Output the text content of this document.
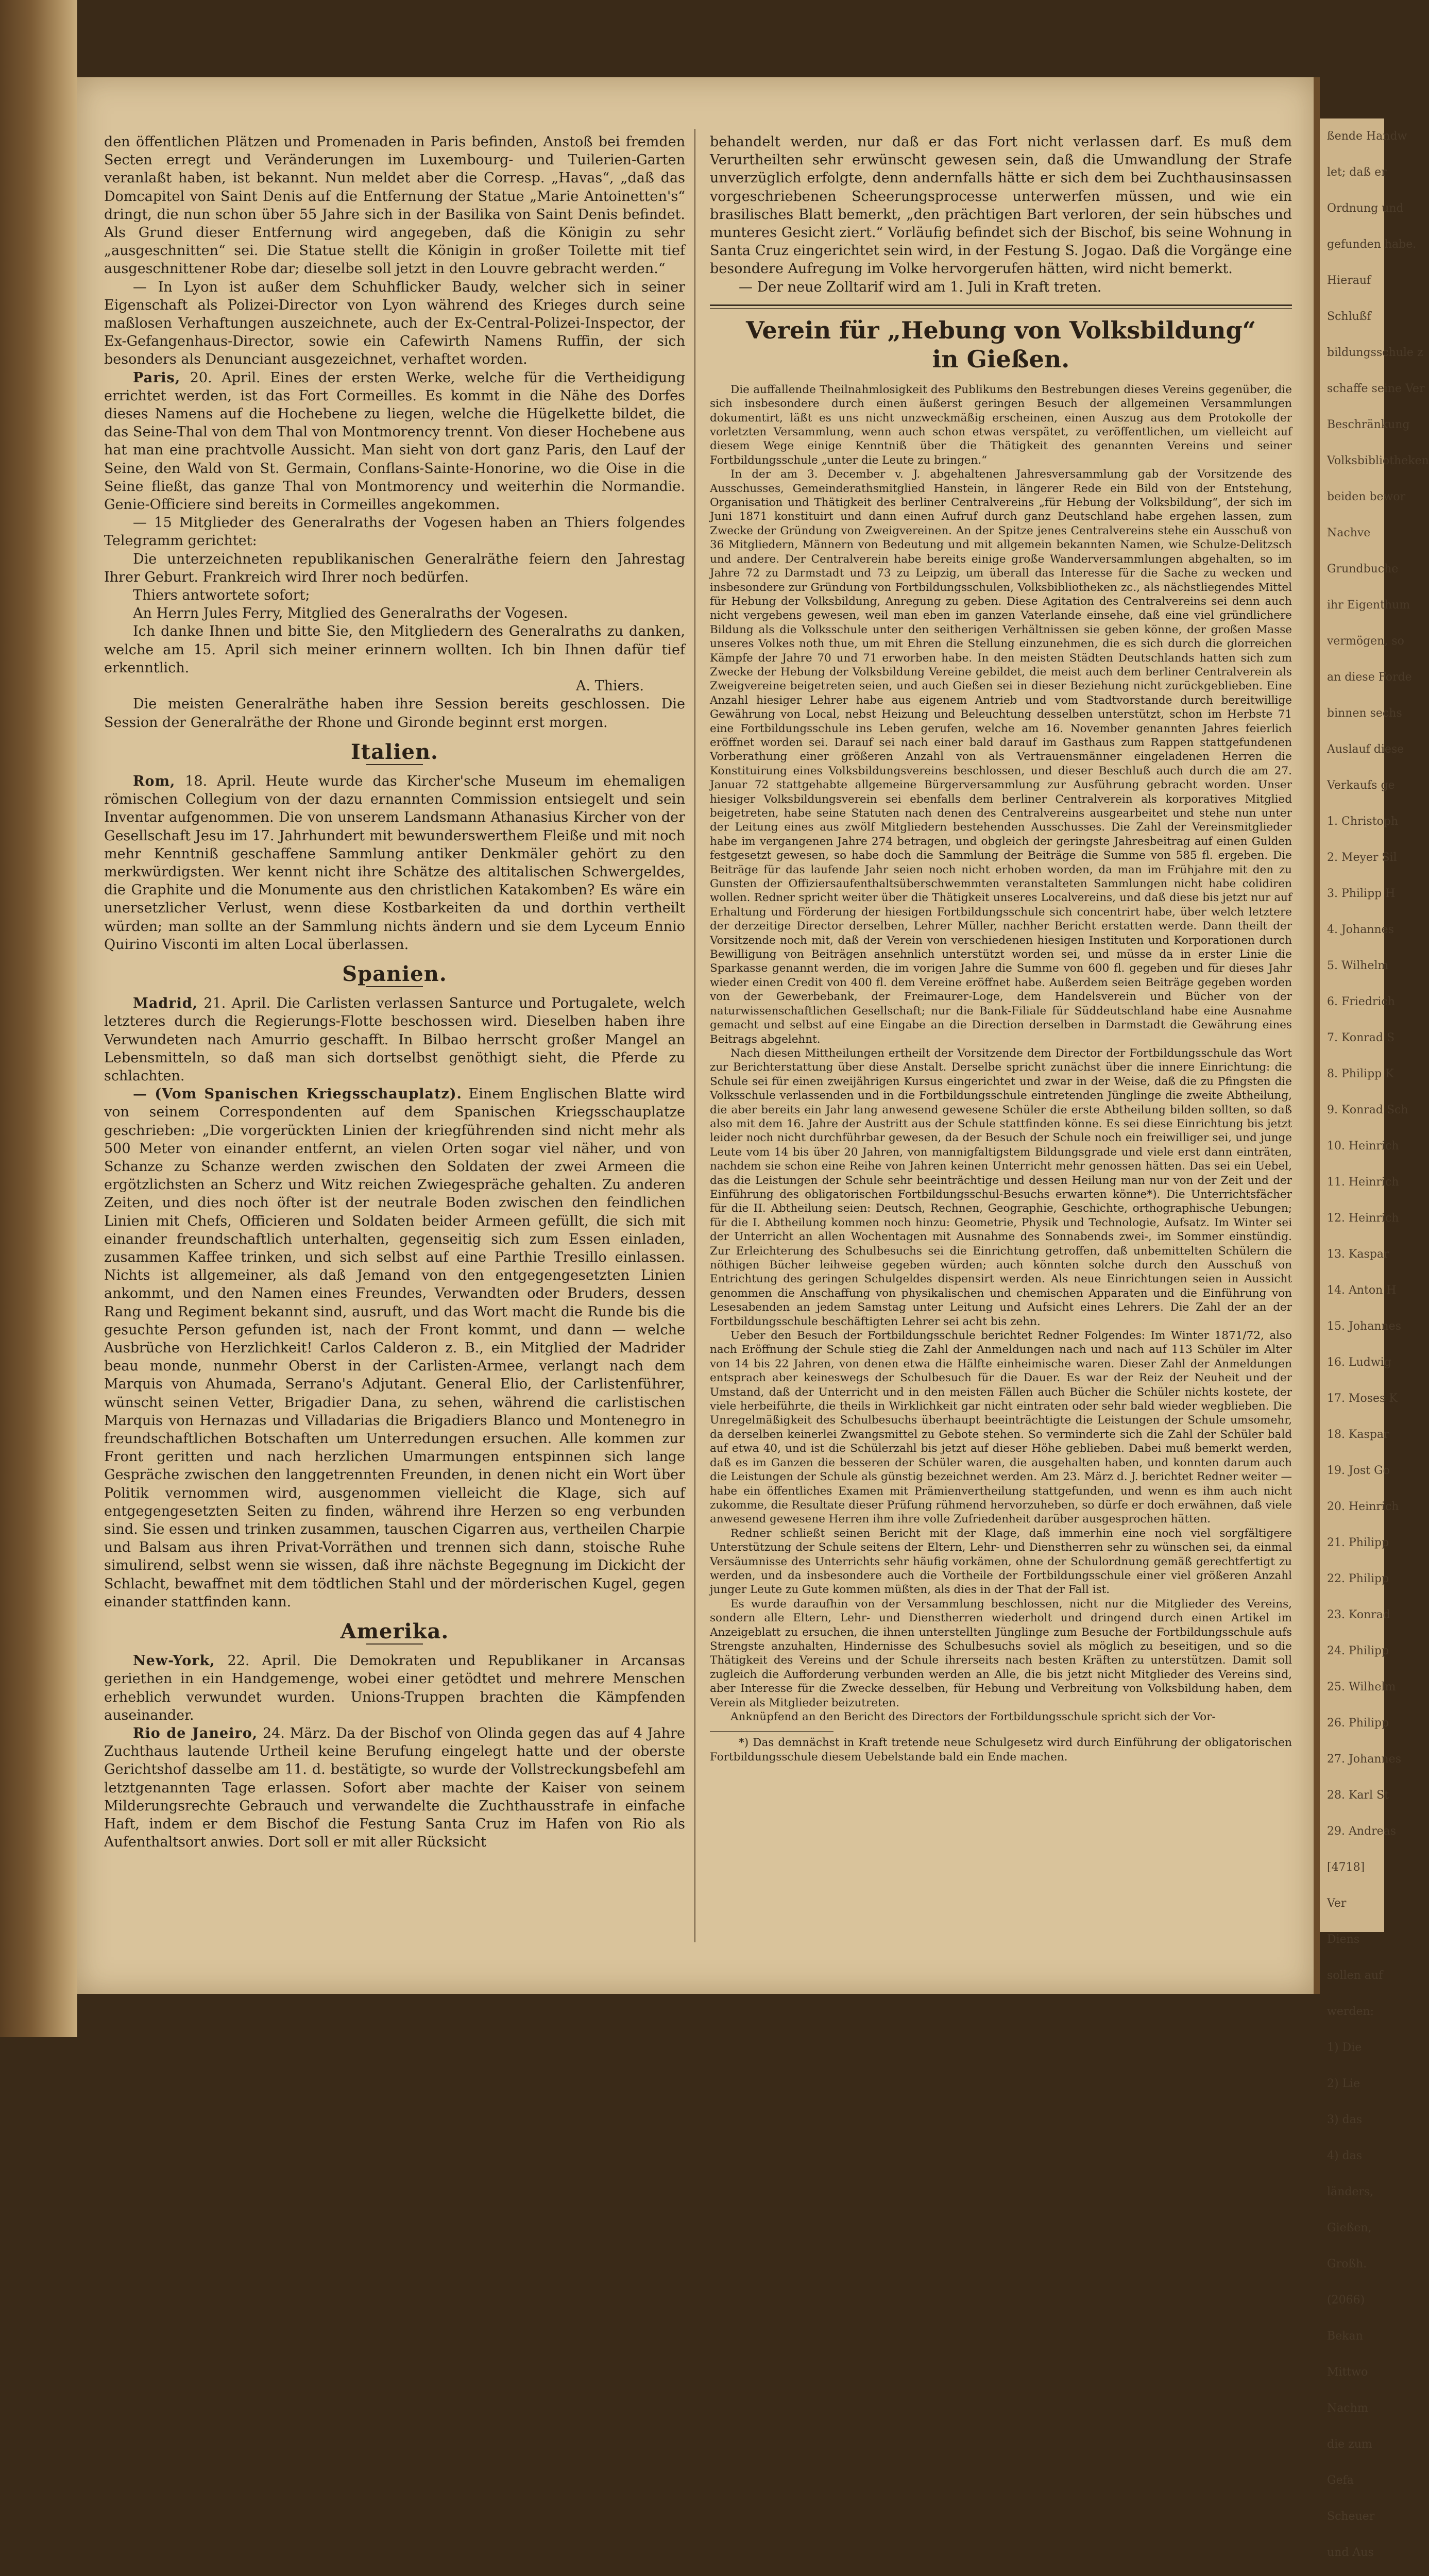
den öffentlichen Plätzen und Promenaden in Paris befinden, Anstoß bei fremden Secten erregt und Veränderungen im Luxembourg- und Tuilerien-Garten veranlaßt haben, ist bekannt. Nun meldet aber die Corresp. „Havas“, „daß das Domcapitel von Saint Denis auf die Entfernung der Statue „Marie Antoinetten's“ dringt, die nun schon über 55 Jahre sich in der Basilika von Saint Denis befindet. Als Grund dieser Entfernung wird angegeben, daß die Königin zu sehr „ausgeschnitten“ sei. Die Statue stellt die Königin in großer Toilette mit tief ausgeschnittener Robe dar; dieselbe soll jetzt in den Louvre gebracht werden.“

— In Lyon ist außer dem Schuhflicker Baudy, welcher sich in seiner Eigenschaft als Polizei-Director von Lyon während des Krieges durch seine maßlosen Verhaftungen auszeichnete, auch der Ex-Central-Polizei-Inspector, der Ex-Gefangenhaus-Director, sowie ein Cafewirth Namens Ruffin, der sich besonders als Denunciant ausgezeichnet, verhaftet worden.

Paris, 20. April. Eines der ersten Werke, welche für die Vertheidigung errichtet werden, ist das Fort Cormeilles. Es kommt in die Nähe des Dorfes dieses Namens auf die Hochebene zu liegen, welche die Hügelkette bildet, die das Seine-Thal von dem Thal von Montmorency trennt. Von dieser Hochebene aus hat man eine prachtvolle Aussicht. Man sieht von dort ganz Paris, den Lauf der Seine, den Wald von St. Germain, Conflans-Sainte-Honorine, wo die Oise in die Seine fließt, das ganze Thal von Montmorency und weiterhin die Normandie. Genie-Officiere sind bereits in Cormeilles angekommen.

— 15 Mitglieder des Generalraths der Vogesen haben an Thiers folgendes Telegramm gerichtet:

Die unterzeichneten republikanischen Generalräthe feiern den Jahrestag Ihrer Geburt. Frankreich wird Ihrer noch bedürfen.

Thiers antwortete sofort;

An Herrn Jules Ferry, Mitglied des Generalraths der Vogesen.

Ich danke Ihnen und bitte Sie, den Mitgliedern des Generalraths zu danken, welche am 15. April sich meiner erinnern wollten. Ich bin Ihnen dafür tief erkenntlich.

A. Thiers.

Die meisten Generalräthe haben ihre Session bereits geschlossen. Die Session der Generalräthe der Rhone und Gironde beginnt erst morgen.

Italien.

Rom, 18. April. Heute wurde das Kircher'sche Museum im ehemaligen römischen Collegium von der dazu ernannten Commission entsiegelt und sein Inventar aufgenommen. Die von unserem Landsmann Athanasius Kircher von der Gesellschaft Jesu im 17. Jahrhundert mit bewunderswerthem Fleiße und mit noch mehr Kenntniß geschaffene Sammlung antiker Denkmäler gehört zu den merkwürdigsten. Wer kennt nicht ihre Schätze des altitalischen Schwergeldes, die Graphite und die Monumente aus den christlichen Katakomben? Es wäre ein unersetzlicher Verlust, wenn diese Kostbarkeiten da und dorthin vertheilt würden; man sollte an der Sammlung nichts ändern und sie dem Lyceum Ennio Quirino Visconti im alten Local überlassen.

Spanien.

Madrid, 21. April. Die Carlisten verlassen Santurce und Portugalete, welch letzteres durch die Regierungs-Flotte beschossen wird. Dieselben haben ihre Verwundeten nach Amurrio geschafft. In Bilbao herrscht großer Mangel an Lebensmitteln, so daß man sich dortselbst genöthigt sieht, die Pferde zu schlachten.

— (Vom Spanischen Kriegsschauplatz). Einem Englischen Blatte wird von seinem Correspondenten auf dem Spanischen Kriegsschauplatze geschrieben: „Die vorgerückten Linien der kriegführenden sind nicht mehr als 500 Meter von einander entfernt, an vielen Orten sogar viel näher, und von Schanze zu Schanze werden zwischen den Soldaten der zwei Armeen die ergötzlichsten an Scherz und Witz reichen Zwiegespräche gehalten. Zu anderen Zeiten, und dies noch öfter ist der neutrale Boden zwischen den feindlichen Linien mit Chefs, Officieren und Soldaten beider Armeen gefüllt, die sich mit einander freundschaftlich unterhalten, gegenseitig sich zum Essen einladen, zusammen Kaffee trinken, und sich selbst auf eine Parthie Tresillo einlassen. Nichts ist allgemeiner, als daß Jemand von den entgegengesetzten Linien ankommt, und den Namen eines Freundes, Verwandten oder Bruders, dessen Rang und Regiment bekannt sind, ausruft, und das Wort macht die Runde bis die gesuchte Person gefunden ist, nach der Front kommt, und dann — welche Ausbrüche von Herzlichkeit! Carlos Calderon z. B., ein Mitglied der Madrider beau monde, nunmehr Oberst in der Carlisten-Armee, verlangt nach dem Marquis von Ahumada, Serrano's Adjutant. General Elio, der Carlistenführer, wünscht seinen Vetter, Brigadier Dana, zu sehen, während die carlistischen Marquis von Hernazas und Villadarias die Brigadiers Blanco und Montenegro in freundschaftlichen Botschaften um Unterredungen ersuchen. Alle kommen zur Front geritten und nach herzlichen Umarmungen entspinnen sich lange Gespräche zwischen den langgetrennten Freunden, in denen nicht ein Wort über Politik vernommen wird, ausgenommen vielleicht die Klage, sich auf entgegengesetzten Seiten zu finden, während ihre Herzen so eng verbunden sind. Sie essen und trinken zusammen, tauschen Cigarren aus, vertheilen Charpie und Balsam aus ihren Privat-Vorräthen und trennen sich dann, stoische Ruhe simulirend, selbst wenn sie wissen, daß ihre nächste Begegnung im Dickicht der Schlacht, bewaffnet mit dem tödtlichen Stahl und der mörderischen Kugel, gegen einander stattfinden kann.

Amerika.

New-York, 22. April. Die Demokraten und Republikaner in Arcansas geriethen in ein Handgemenge, wobei einer getödtet und mehrere Menschen erheblich verwundet wurden. Unions-Truppen brachten die Kämpfenden auseinander.

Rio de Janeiro, 24. März. Da der Bischof von Olinda gegen das auf 4 Jahre Zuchthaus lautende Urtheil keine Berufung eingelegt hatte und der oberste Gerichtshof dasselbe am 11. d. bestätigte, so wurde der Vollstreckungsbefehl am letztgenannten Tage erlassen. Sofort aber machte der Kaiser von seinem Milderungsrechte Gebrauch und verwandelte die Zuchthausstrafe in einfache Haft, indem er dem Bischof die Festung Santa Cruz im Hafen von Rio als Aufenthaltsort anwies. Dort soll er mit aller Rücksicht

behandelt werden, nur daß er das Fort nicht verlassen darf. Es muß dem Verurtheilten sehr erwünscht gewesen sein, daß die Umwandlung der Strafe unverzüglich erfolgte, denn andernfalls hätte er sich dem bei Zuchthausinsassen vorgeschriebenen Scheerungsprocesse unterwerfen müssen, und wie ein brasilisches Blatt bemerkt, „den prächtigen Bart verloren, der sein hübsches und munteres Gesicht ziert.“ Vorläufig befindet sich der Bischof, bis seine Wohnung in Santa Cruz eingerichtet sein wird, in der Festung S. Jogao. Daß die Vorgänge eine besondere Aufregung im Volke hervorgerufen hätten, wird nicht bemerkt.

— Der neue Zolltarif wird am 1. Juli in Kraft treten.

Verein für „Hebung von Volksbildung“
in Gießen.

Die auffallende Theilnahmlosigkeit des Publikums den Bestrebungen dieses Vereins gegenüber, die sich insbesondere durch einen äußerst geringen Besuch der allgemeinen Versammlungen dokumentirt, läßt es uns nicht unzweckmäßig erscheinen, einen Auszug aus dem Protokolle der vorletzten Versammlung, wenn auch schon etwas verspätet, zu veröffentlichen, um vielleicht auf diesem Wege einige Kenntniß über die Thätigkeit des genannten Vereins und seiner Fortbildungsschule „unter die Leute zu bringen.“

In der am 3. December v. J. abgehaltenen Jahresversammlung gab der Vorsitzende des Ausschusses, Gemeinderathsmitglied Hanstein, in längerer Rede ein Bild von der Entstehung, Organisation und Thätigkeit des berliner Centralvereins „für Hebung der Volksbildung“, der sich im Juni 1871 konstituirt und dann einen Aufruf durch ganz Deutschland habe ergehen lassen, zum Zwecke der Gründung von Zweigvereinen. An der Spitze jenes Centralvereins stehe ein Ausschuß von 36 Mitgliedern, Männern von Bedeutung und mit allgemein bekannten Namen, wie Schulze-Delitzsch und andere. Der Centralverein habe bereits einige große Wanderversammlungen abgehalten, so im Jahre 72 zu Darmstadt und 73 zu Leipzig, um überall das Interesse für die Sache zu wecken und insbesondere zur Gründung von Fortbildungsschulen, Volksbibliotheken zc., als nächstliegendes Mittel für Hebung der Volksbildung, Anregung zu geben. Diese Agitation des Centralvereins sei denn auch nicht vergebens gewesen, weil man eben im ganzen Vaterlande einsehe, daß eine viel gründlichere Bildung als die Volksschule unter den seitherigen Verhältnissen sie geben könne, der großen Masse unseres Volkes noth thue, um mit Ehren die Stellung einzunehmen, die es sich durch die glorreichen Kämpfe der Jahre 70 und 71 erworben habe. In den meisten Städten Deutschlands hatten sich zum Zwecke der Hebung der Volksbildung Vereine gebildet, die meist auch dem berliner Centralverein als Zweigvereine beigetreten seien, und auch Gießen sei in dieser Beziehung nicht zurückgeblieben. Eine Anzahl hiesiger Lehrer habe aus eigenem Antrieb und vom Stadtvorstande durch bereitwillige Gewährung von Local, nebst Heizung und Beleuchtung desselben unterstützt, schon im Herbste 71 eine Fortbildungsschule ins Leben gerufen, welche am 16. November genannten Jahres feierlich eröffnet worden sei. Darauf sei nach einer bald darauf im Gasthaus zum Rappen stattgefundenen Vorberathung einer größeren Anzahl von als Vertrauensmänner eingeladenen Herren die Konstituirung eines Volksbildungsvereins beschlossen, und dieser Beschluß auch durch die am 27. Januar 72 stattgehabte allgemeine Bürgerversammlung zur Ausführung gebracht worden. Unser hiesiger Volksbildungsverein sei ebenfalls dem berliner Centralverein als korporatives Mitglied beigetreten, habe seine Statuten nach denen des Centralvereins ausgearbeitet und stehe nun unter der Leitung eines aus zwölf Mitgliedern bestehenden Ausschusses. Die Zahl der Vereinsmitglieder habe im vergangenen Jahre 274 betragen, und obgleich der geringste Jahresbeitrag auf einen Gulden festgesetzt gewesen, so habe doch die Sammlung der Beiträge die Summe von 585 fl. ergeben. Die Beiträge für das laufende Jahr seien noch nicht erhoben worden, da man im Frühjahre mit den zu Gunsten der Offiziersaufenthaltsüberschwemmten veranstalteten Sammlungen nicht habe colidiren wollen. Redner spricht weiter über die Thätigkeit unseres Localvereins, und daß diese bis jetzt nur auf Erhaltung und Förderung der hiesigen Fortbildungsschule sich concentrirt habe, über welch letztere der derzeitige Director derselben, Lehrer Müller, nachher Bericht erstatten werde. Dann theilt der Vorsitzende noch mit, daß der Verein von verschiedenen hiesigen Instituten und Korporationen durch Bewilligung von Beiträgen ansehnlich unterstützt worden sei, und müsse da in erster Linie die Sparkasse genannt werden, die im vorigen Jahre die Summe von 600 fl. gegeben und für dieses Jahr wieder einen Credit von 400 fl. dem Vereine eröffnet habe. Außerdem seien Beiträge gegeben worden von der Gewerbebank, der Freimaurer-Loge, dem Handelsverein und Bücher von der naturwissenschaftlichen Gesellschaft; nur die Bank-Filiale für Süddeutschland habe eine Ausnahme gemacht und selbst auf eine Eingabe an die Direction derselben in Darmstadt die Gewährung eines Beitrags abgelehnt.

Nach diesen Mittheilungen ertheilt der Vorsitzende dem Director der Fortbildungsschule das Wort zur Berichterstattung über diese Anstalt. Derselbe spricht zunächst über die innere Einrichtung: die Schule sei für einen zweijährigen Kursus eingerichtet und zwar in der Weise, daß die zu Pfingsten die Volksschule verlassenden und in die Fortbildungsschule eintretenden Jünglinge die zweite Abtheilung, die aber bereits ein Jahr lang anwesend gewesene Schüler die erste Abtheilung bilden sollten, so daß also mit dem 16. Jahre der Austritt aus der Schule stattfinden könne. Es sei diese Einrichtung bis jetzt leider noch nicht durchführbar gewesen, da der Besuch der Schule noch ein freiwilliger sei, und junge Leute vom 14 bis über 20 Jahren, von mannigfaltigstem Bildungsgrade und viele erst dann einträten, nachdem sie schon eine Reihe von Jahren keinen Unterricht mehr genossen hätten. Das sei ein Uebel, das die Leistungen der Schule sehr beeinträchtige und dessen Heilung man nur von der Zeit und der Einführung des obligatorischen Fortbildungsschul-Besuchs erwarten könne*). Die Unterrichtsfächer für die II. Abtheilung seien: Deutsch, Rechnen, Geographie, Geschichte, orthographische Uebungen; für die I. Abtheilung kommen noch hinzu: Geometrie, Physik und Technologie, Aufsatz. Im Winter sei der Unterricht an allen Wochentagen mit Ausnahme des Sonnabends zwei-, im Sommer einstündig. Zur Erleichterung des Schulbesuchs sei die Einrichtung getroffen, daß unbemittelten Schülern die nöthigen Bücher leihweise gegeben würden; auch könnten solche durch den Ausschuß von Entrichtung des geringen Schulgeldes dispensirt werden. Als neue Einrichtungen seien in Aussicht genommen die Anschaffung von physikalischen und chemischen Apparaten und die Einführung von Lesesabenden an jedem Samstag unter Leitung und Aufsicht eines Lehrers. Die Zahl der an der Fortbildungsschule beschäftigten Lehrer sei acht bis zehn.

Ueber den Besuch der Fortbildungsschule berichtet Redner Folgendes: Im Winter 1871/72, also nach Eröffnung der Schule stieg die Zahl der Anmeldungen nach und nach auf 113 Schüler im Alter von 14 bis 22 Jahren, von denen etwa die Hälfte einheimische waren. Dieser Zahl der Anmeldungen entsprach aber keineswegs der Schulbesuch für die Dauer. Es war der Reiz der Neuheit und der Umstand, daß der Unterricht und in den meisten Fällen auch Bücher die Schüler nichts kostete, der viele herbeiführte, die theils in Wirklichkeit gar nicht eintraten oder sehr bald wieder wegblieben. Die Unregelmäßigkeit des Schulbesuchs überhaupt beeinträchtigte die Leistungen der Schule umsomehr, da derselben keinerlei Zwangsmittel zu Gebote stehen. So verminderte sich die Zahl der Schüler bald auf etwa 40, und ist die Schülerzahl bis jetzt auf dieser Höhe geblieben. Dabei muß bemerkt werden, daß es im Ganzen die besseren der Schüler waren, die ausgehalten haben, und konnten darum auch die Leistungen der Schule als günstig bezeichnet werden. Am 23. März d. J. berichtet Redner weiter — habe ein öffentliches Examen mit Prämienvertheilung stattgefunden, und wenn es ihm auch nicht zukomme, die Resultate dieser Prüfung rühmend hervorzuheben, so dürfe er doch erwähnen, daß viele anwesend gewesene Herren ihm ihre volle Zufriedenheit darüber ausgesprochen hätten.

Redner schließt seinen Bericht mit der Klage, daß immerhin eine noch viel sorgfältigere Unterstützung der Schule seitens der Eltern, Lehr- und Dienstherren sehr zu wünschen sei, da einmal Versäumnisse des Unterrichts sehr häufig vorkämen, ohne der Schulordnung gemäß gerechtfertigt zu werden, und da insbesondere auch die Vortheile der Fortbildungsschule einer viel größeren Anzahl junger Leute zu Gute kommen müßten, als dies in der That der Fall ist.

Es wurde daraufhin von der Versammlung beschlossen, nicht nur die Mitglieder des Vereins, sondern alle Eltern, Lehr- und Dienstherren wiederholt und dringend durch einen Artikel im Anzeigeblatt zu ersuchen, die ihnen unterstellten Jünglinge zum Besuche der Fortbildungsschule aufs Strengste anzuhalten, Hindernisse des Schulbesuchs soviel als möglich zu beseitigen, und so die Thätigkeit des Vereins und der Schule ihrerseits nach besten Kräften zu unterstützen. Damit soll zugleich die Aufforderung verbunden werden an Alle, die bis jetzt nicht Mitglieder des Vereins sind, aber Interesse für die Zwecke desselben, für Hebung und Verbreitung von Volksbildung haben, dem Verein als Mitglieder beizutreten.

Anknüpfend an den Bericht des Directors der Fortbildungsschule spricht sich der Vor-

*) Das demnächst in Kraft tretende neue Schulgesetz wird durch Einführung der obligatorischen Fortbildungsschule diesem Uebelstande bald ein Ende machen.

ßende Handw

let; daß er

Ordnung und

gefunden habe.

Hierauf

Schlußf

bildungsschule z

schaffe seine Ver

Beschränkung

Volksbibliotheken

beiden bewor

Nachve

Grundbuche

ihr Eigenthum

vermögen, so

an diese Forde

binnen sechs

Auslauf diese

Verkaufs ge

1. Christoph

2. Meyer Sil

3. Philipp H

4. Johannes

5. Wilhelm

6. Friedrich

7. Konrad S

8. Philipp K

9. Konrad Sch

10. Heinrich

11. Heinrich

12. Heinrich

13. Kaspar

14. Anton H

15. Johannes

16. Ludwig

17. Moses K

18. Kaspar

19. Jost Go

20. Heinrich

21. Philipp

22. Philipp

23. Konrad

24. Philipp

25. Wilhelm

26. Philipp

27. Johannes

28. Karl St

29. Andreas

[4718]

Ver

Diens

sollen auf

werden:

1) Die

2) Lie

3) das

4) das

länders,

Gießen,

Großh.

(2066)

Bekan

Mittwo

Nachm

die zum

Gefa

Scheuer

und Aus
